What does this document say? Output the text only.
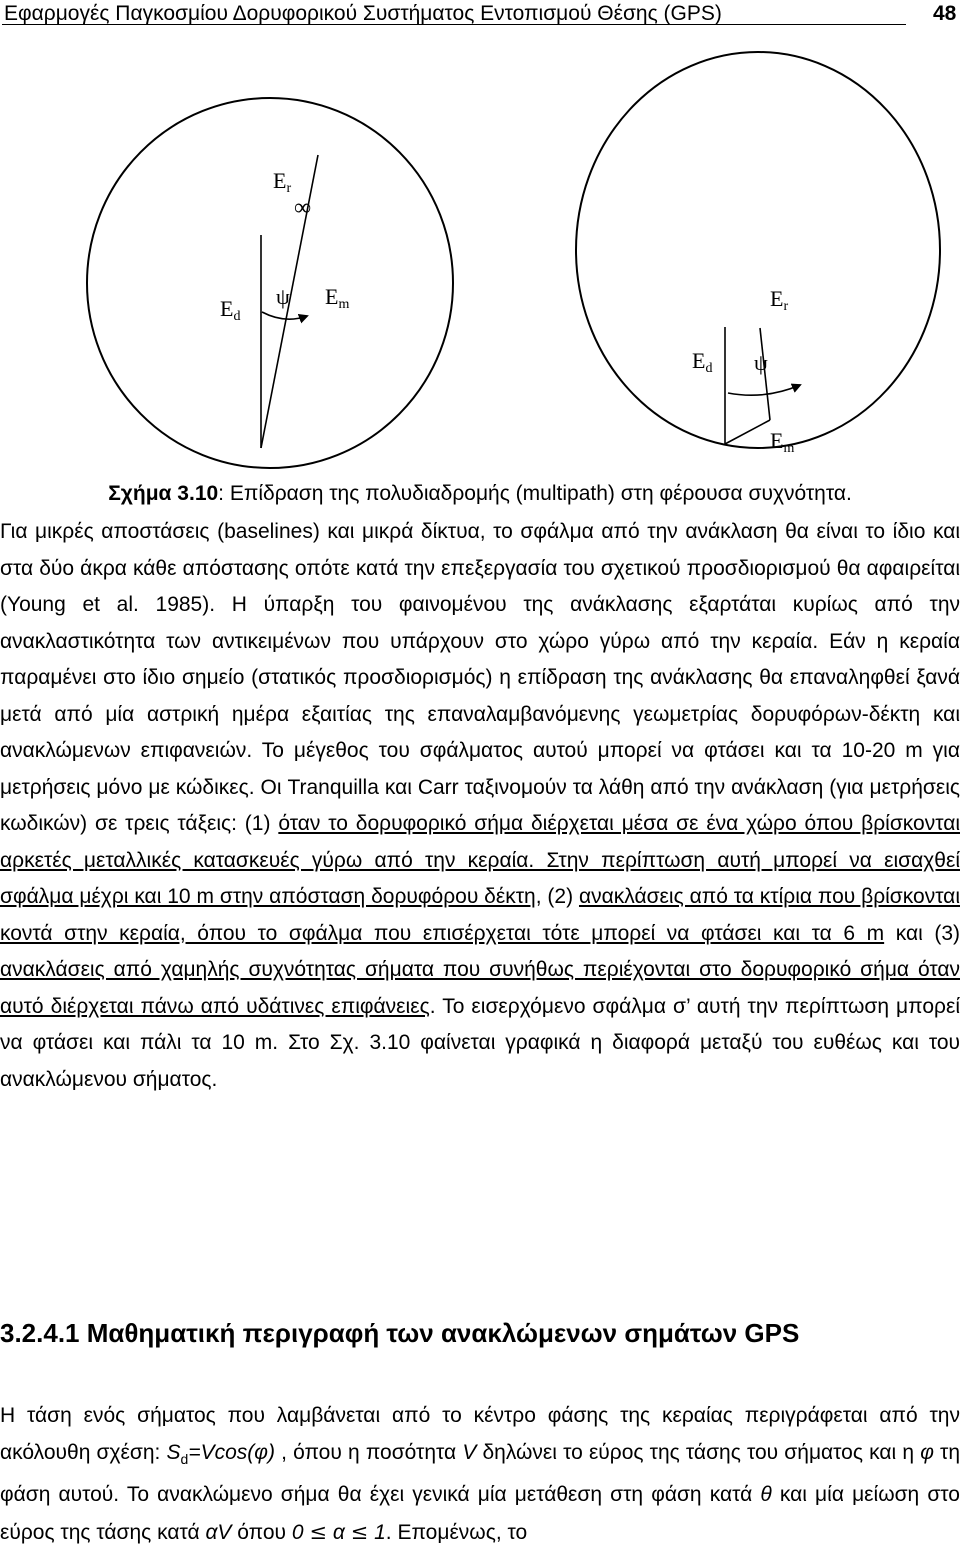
Εφαρμογές Παγκοσμίου Δορυφορικού Συστήματος Εντοπισμού Θέσης (GPS)	48
Er
∞
Ed
ψ Em	Er
Ed ψ
Em
Σχήμα 3.10: Επίδραση της πολυδιαδρομής (multipath) στη φέρουσα συχνότητα.

Για μικρές αποστάσεις (baselines) και μικρά δίκτυα, το σφάλμα από την ανάκλαση θα είναι το ίδιο και στα δύο άκρα κάθε απόστασης οπότε κατά την επεξεργασία του σχετικού προσδιορισμού θα αφαιρείται (Young et al. 1985). Η ύπαρξη του φαινομένου της ανάκλασης εξαρτάται κυρίως από την ανακλαστικότητα των αντικειμένων που υπάρχουν στο χώρο γύρω από την κεραία. Εάν η κεραία παραμένει στο ίδιο σημείο (στατικός προσδιορισμός) η επίδραση της ανάκλασης θα επαναληφθεί ξανά μετά από μία αστρική ημέρα εξαιτίας της επαναλαμβανόμενης γεωμετρίας δορυφόρων-δέκτη και ανακλώμενων επιφανειών. Το μέγεθος του σφάλματος αυτού μπορεί να φτάσει και τα 10-20 m για μετρήσεις μόνο με κώδικες. Οι Tranquilla και Carr ταξινομούν τα λάθη από την ανάκλαση (για μετρήσεις κωδικών) σε τρεις τάξεις: (1) όταν το δορυφορικό σήμα διέρχεται μέσα σε ένα χώρο όπου βρίσκονται αρκετές μεταλλικές κατασκευές γύρω από την κεραία. Στην περίπτωση αυτή μπορεί να εισαχθεί σφάλμα μέχρι και 10 m στην απόσταση δορυφόρου δέκτη, (2) ανακλάσεις από τα κτίρια που βρίσκονται κοντά στην κεραία, όπου το σφάλμα που επισέρχεται τότε μπορεί να φτάσει και τα 6 m και (3) ανακλάσεις από χαμηλής συχνότητας σήματα που συνήθως περιέχονται στο δορυφορικό σήμα όταν αυτό διέρχεται πάνω από υδάτινες επιφάνειες. Το εισερχόμενο σφάλμα σ’ αυτή την περίπτωση μπορεί να φτάσει και πάλι τα 10 m. Στο Σχ. 3.10 φαίνεται γραφικά η διαφορά μεταξύ του ευθέως και του ανακλώμενου σήματος.

3.2.4.1 Μαθηματική περιγραφή των ανακλώμενων σημάτων GPS

Η τάση ενός σήματος που λαμβάνεται από το κέντρο φάσης της κεραίας περιγράφεται από την ακόλουθη σχέση: $S_d=Vcos(\varphi)$ , όπου η ποσότητα V δηλώνει το εύρος της τάσης του σήματος και η φ τη φάση αυτού. Το ανακλώμενο σήμα θα έχει γενικά μία μετάθεση στη φάση κατά θ και μία μείωση στο εύρος της τάσης κατά αV όπου 0 ≤ α ≤ 1. Επομένως, το
